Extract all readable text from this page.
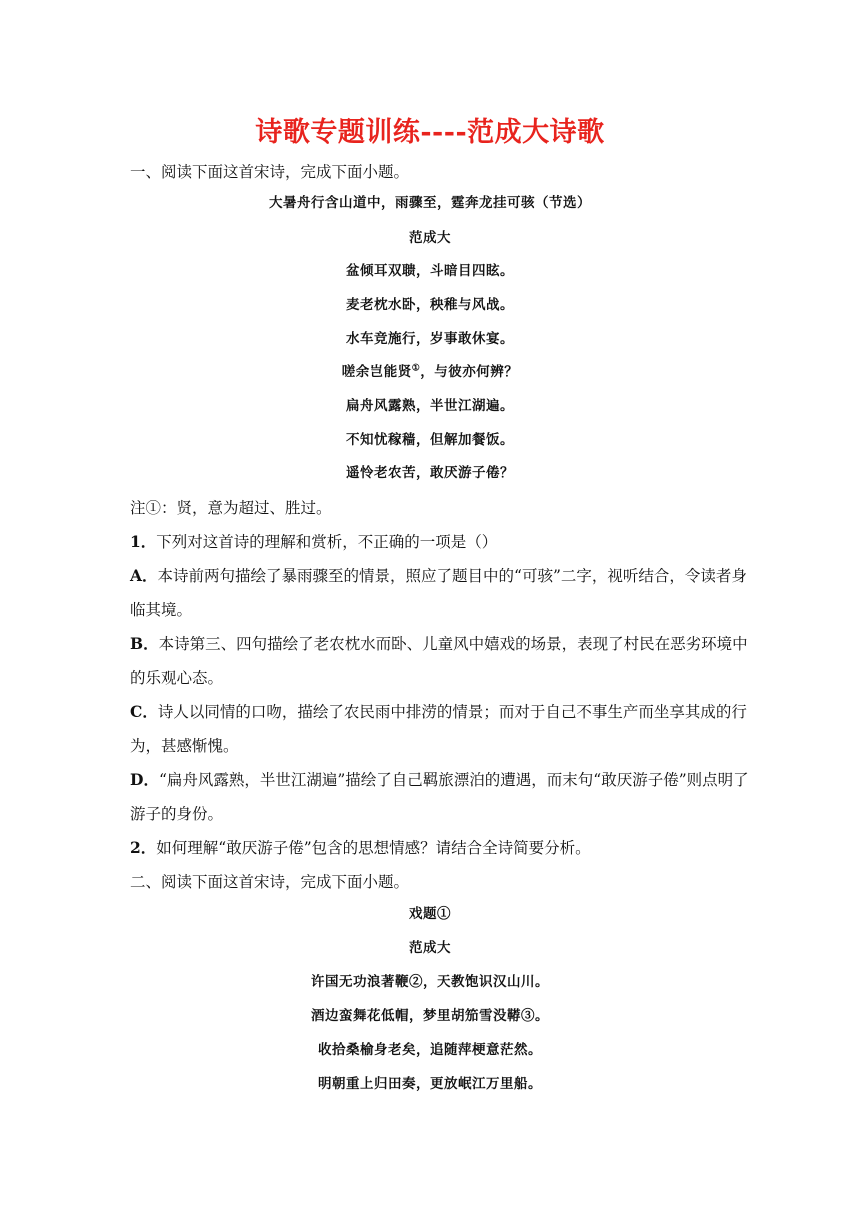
诗歌专题训练----范成大诗歌
一、阅读下面这首宋诗，完成下面小题。
大暑舟行含山道中，雨骤至，霆奔龙挂可骇（节选）
范成大
盆倾耳双聩，斗暗目四眩。
麦老枕水卧，秧稚与风战。
水车竞施行，岁事敢休宴。
嗟余岂能贤①，与彼亦何辨？
扁舟风露熟，半世江湖遍。
不知忧稼穑，但解加餐饭。
遥怜老农苦，敢厌游子倦？
注①：贤，意为超过、胜过。
1．下列对这首诗的理解和赏析，不正确的一项是（）
A．本诗前两句描绘了暴雨骤至的情景，照应了题目中的“可骇”二字，视听结合，令读者身
临其境。
B．本诗第三、四句描绘了老农枕水而卧、儿童风中嬉戏的场景，表现了村民在恶劣环境中
的乐观心态。
C．诗人以同情的口吻，描绘了农民雨中排涝的情景；而对于自己不事生产而坐享其成的行
为，甚感惭愧。
D．“扁舟风露熟，半世江湖遍”描绘了自己羁旅漂泊的遭遇，而末句“敢厌游子倦”则点明了
游子的身份。
2．如何理解“敢厌游子倦”包含的思想情感？请结合全诗简要分析。
二、阅读下面这首宋诗，完成下面小题。
戏题①
范成大
许国无功浪著鞭②，天教饱识汉山川。
酒边蛮舞花低帽，梦里胡笳雪没鞯③。
收拾桑榆身老矣，追随萍梗意茫然。
明朝重上归田奏，更放岷江万里船。
